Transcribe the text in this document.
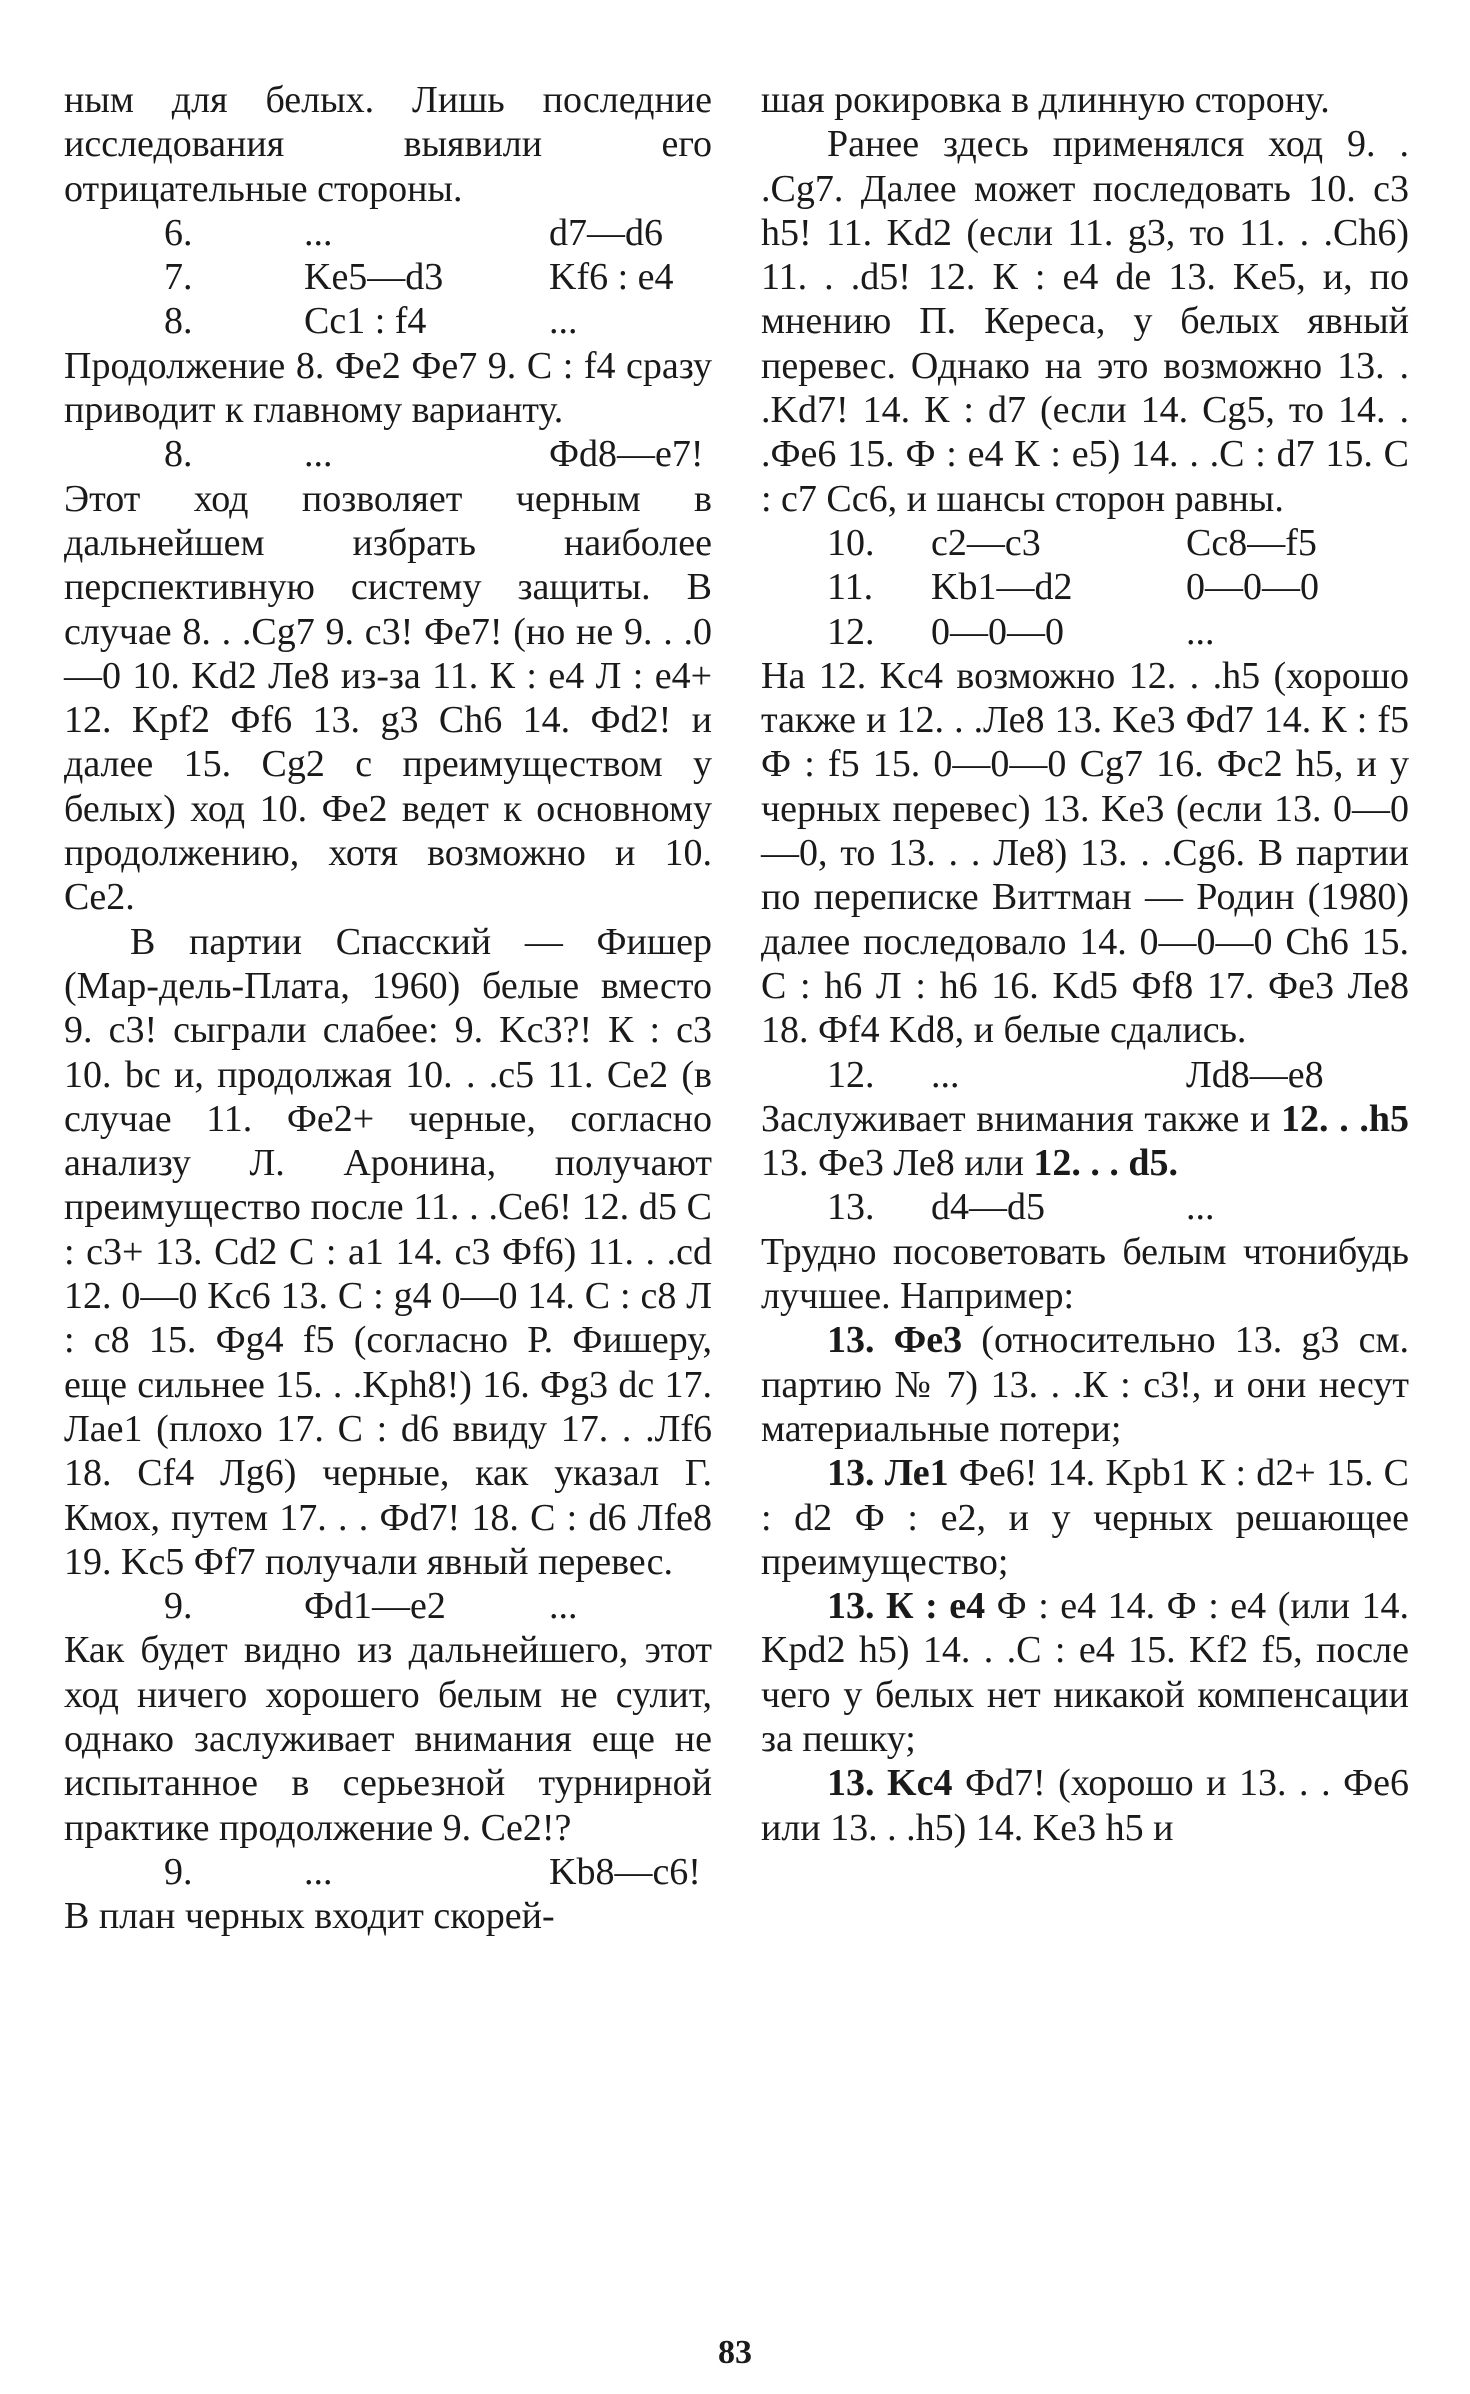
ным для белых. Лишь последние исследования выявили его отрицательные стороны.

6.	...	d7—d6
7.	Ke5—d3	Kf6 : e4
8.	Cc1 : f4	...

Продолжение 8. Фе2 Фе7 9. С : f4 сразу приводит к главному варианту.

8.	...	Фd8—e7!

Этот ход позволяет черным в дальнейшем избрать наиболее перспективную систему защиты. В случае 8. . .Cg7 9. c3! Фе7! (но не 9. . .0—0 10. Kd2 Ле8 из-за 11. К : e4 Л : e4+ 12. Kpf2 Фf6 13. g3 Ch6 14. Фd2! и далее 15. Cg2 с преимуществом у белых) ход 10. Фе2 ведет к основному продолжению, хотя возможно и 10. Ce2.

В партии Спасский — Фишер (Мар-дель-Плата, 1960) белые вместо 9. c3! сыграли слабее: 9. Kc3?! К : c3 10. bc и, продолжая 10. . .c5 11. Ce2 (в случае 11. Фе2+ черные, согласно анализу Л. Аронина, получают преимущество после 11. . .Ce6! 12. d5 С : c3+ 13. Cd2 С : a1 14. c3 Фf6) 11. . .cd 12. 0—0 Kc6 13. С : g4 0—0 14. С : c8 Л : c8 15. Фg4 f5 (согласно Р. Фишеру, еще сильнее 15. . .Kph8!) 16. Фg3 dc 17. Лае1 (плохо 17. С : d6 ввиду 17. . .Лf6 18. Cf4 Лg6) черные, как указал Г. Кмох, путем 17. . . Фd7! 18. С : d6 Лfe8 19. Kc5 Фf7 получали явный перевес.

9.	Фd1—e2	...

Как будет видно из дальнейшего, этот ход ничего хорошего белым не сулит, однако заслуживает внимания еще не испытанное в серьезной турнирной практике продолжение 9. Ce2!?

9.	...	Kb8—c6!

В план черных входит скорей-

шая рокировка в длинную сторону.

Ранее здесь применялся ход 9. . .Cg7. Далее может последовать 10. c3 h5! 11. Kd2 (если 11. g3, то 11. . .Ch6) 11. . .d5! 12. К : e4 de 13. Ke5, и, по мнению П. Кереса, у белых явный перевес. Однако на это возможно 13. . .Kd7! 14. К : d7 (если 14. Cg5, то 14. . .Фе6 15. Ф : e4 К : e5) 14. . .С : d7 15. С : c7 Cc6, и шансы сторон равны.

10.	c2—c3	Cc8—f5
11.	Kb1—d2	0—0—0
12.	0—0—0	...

На 12. Kc4 возможно 12. . .h5 (хорошо также и 12. . .Ле8 13. Ke3 Фd7 14. К : f5 Ф : f5 15. 0—0—0 Cg7 16. Фc2 h5, и у черных перевес) 13. Ke3 (если 13. 0—0—0, то 13. . . Ле8) 13. . .Cg6. В партии по переписке Виттман — Родин (1980) далее последовало 14. 0—0—0 Ch6 15. С : h6 Л : h6 16. Kd5 Фf8 17. Фе3 Ле8 18. Фf4 Kd8, и белые сдались.

12.	...	Лd8—e8

Заслуживает внимания также и 12. . .h5 13. Фе3 Ле8 или 12. . . d5.

13.	d4—d5	...

Трудно посоветовать белым чтонибудь лучшее. Например:

13. Фе3 (относительно 13. g3 см. партию № 7) 13. . .К : c3!, и они несут материальные потери;

13. Ле1 Фе6! 14. Kpb1 К : d2+ 15. С : d2 Ф : e2, и у черных решающее преимущество;

13. К : e4 Ф : e4 14. Ф : e4 (или 14. Kpd2 h5) 14. . .С : e4 15. Kf2 f5, после чего у белых нет никакой компенсации за пешку;

13. Kc4 Фd7! (хорошо и 13. . . Фе6 или 13. . .h5) 14. Ke3 h5 и

83
